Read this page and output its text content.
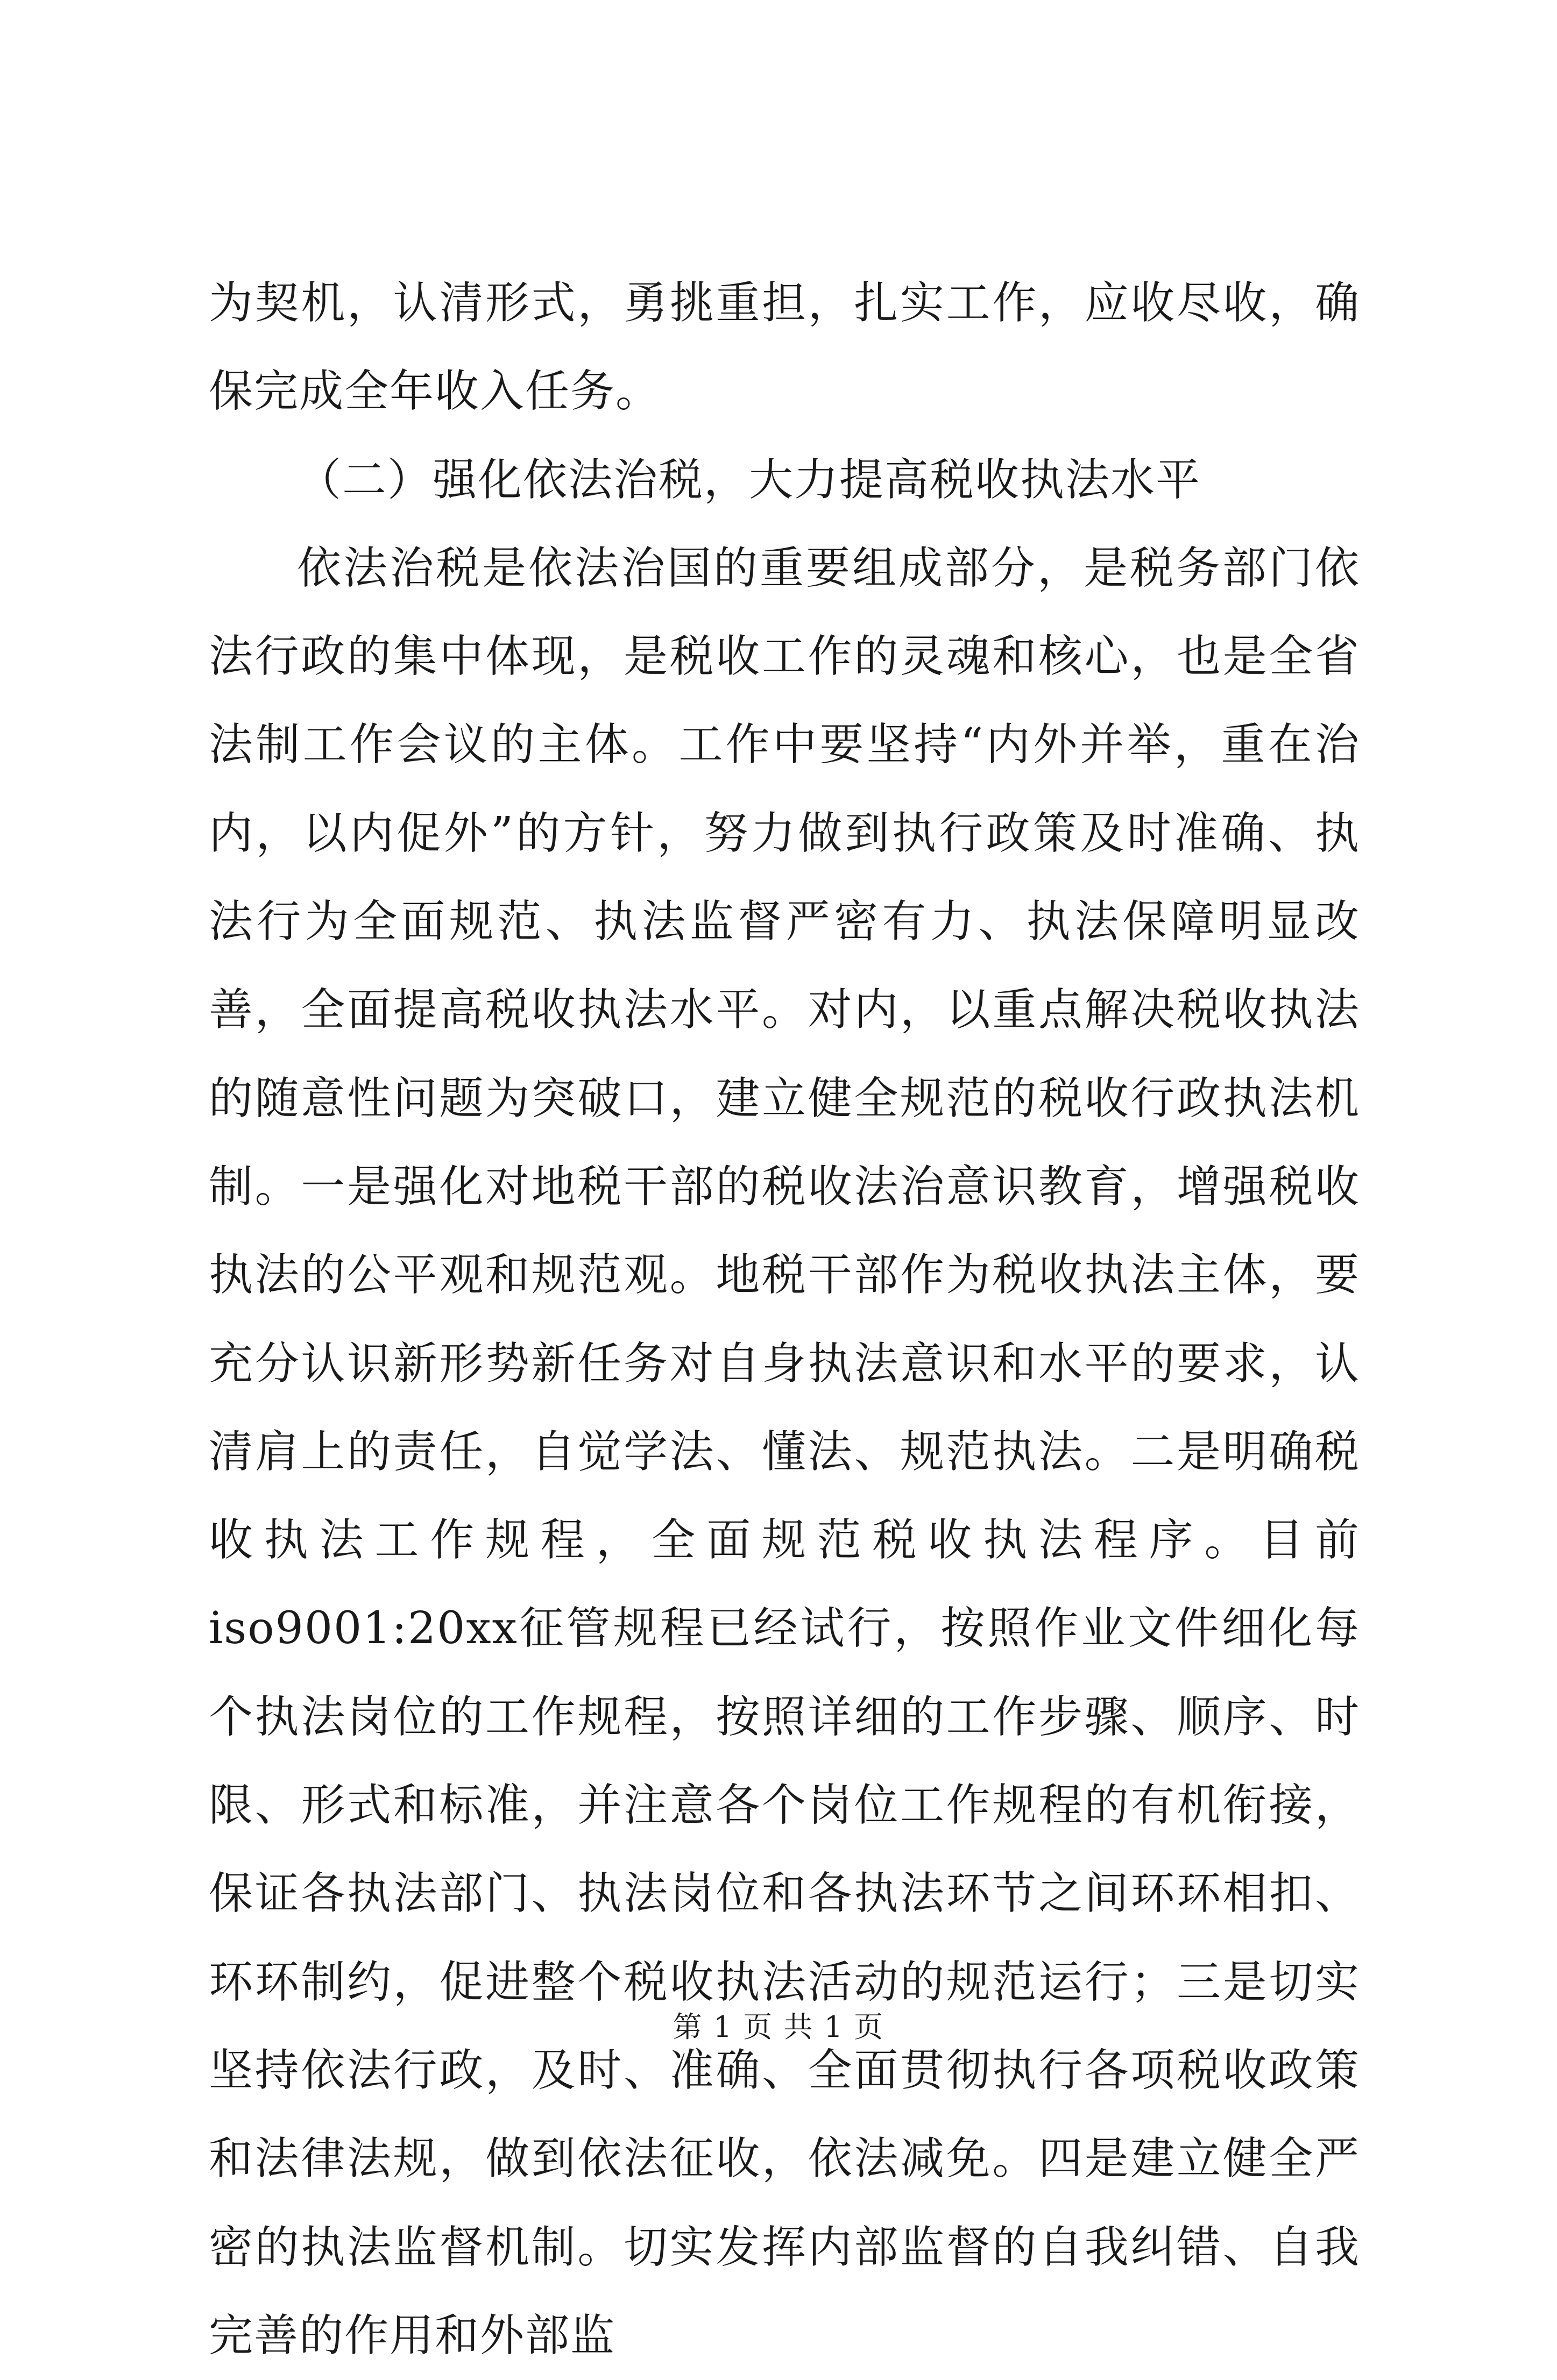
为契机，认清形式，勇挑重担，扎实工作，应收尽收，确保完成全年收入任务。

（二）强化依法治税，大力提高税收执法水平

依法治税是依法治国的重要组成部分，是税务部门依法行政的集中体现，是税收工作的灵魂和核心，也是全省法制工作会议的主体。工作中要坚持“内外并举，重在治内，以内促外”的方针，努力做到执行政策及时准确、执法行为全面规范、执法监督严密有力、执法保障明显改善，全面提高税收执法水平。对内，以重点解决税收执法的随意性问题为突破口，建立健全规范的税收行政执法机制。一是强化对地税干部的税收法治意识教育，增强税收执法的公平观和规范观。地税干部作为税收执法主体，要充分认识新形势新任务对自身执法意识和水平的要求，认清肩上的责任，自觉学法、懂法、规范执法。二是明确税收执法工作规程，全面规范税收执法程序。目前iso9001:20xx征管规程已经试行，按照作业文件细化每个执法岗位的工作规程，按照详细的工作步骤、顺序、时限、形式和标准，并注意各个岗位工作规程的有机衔接，保证各执法部门、执法岗位和各执法环节之间环环相扣、环环制约，促进整个税收执法活动的规范运行；三是切实坚持依法行政，及时、准确、全面贯彻执行各项税收政策和法律法规，做到依法征收，依法减免。四是建立健全严密的执法监督机制。切实发挥内部监督的自我纠错、自我完善的作用和外部监

第 1 页 共 1 页
